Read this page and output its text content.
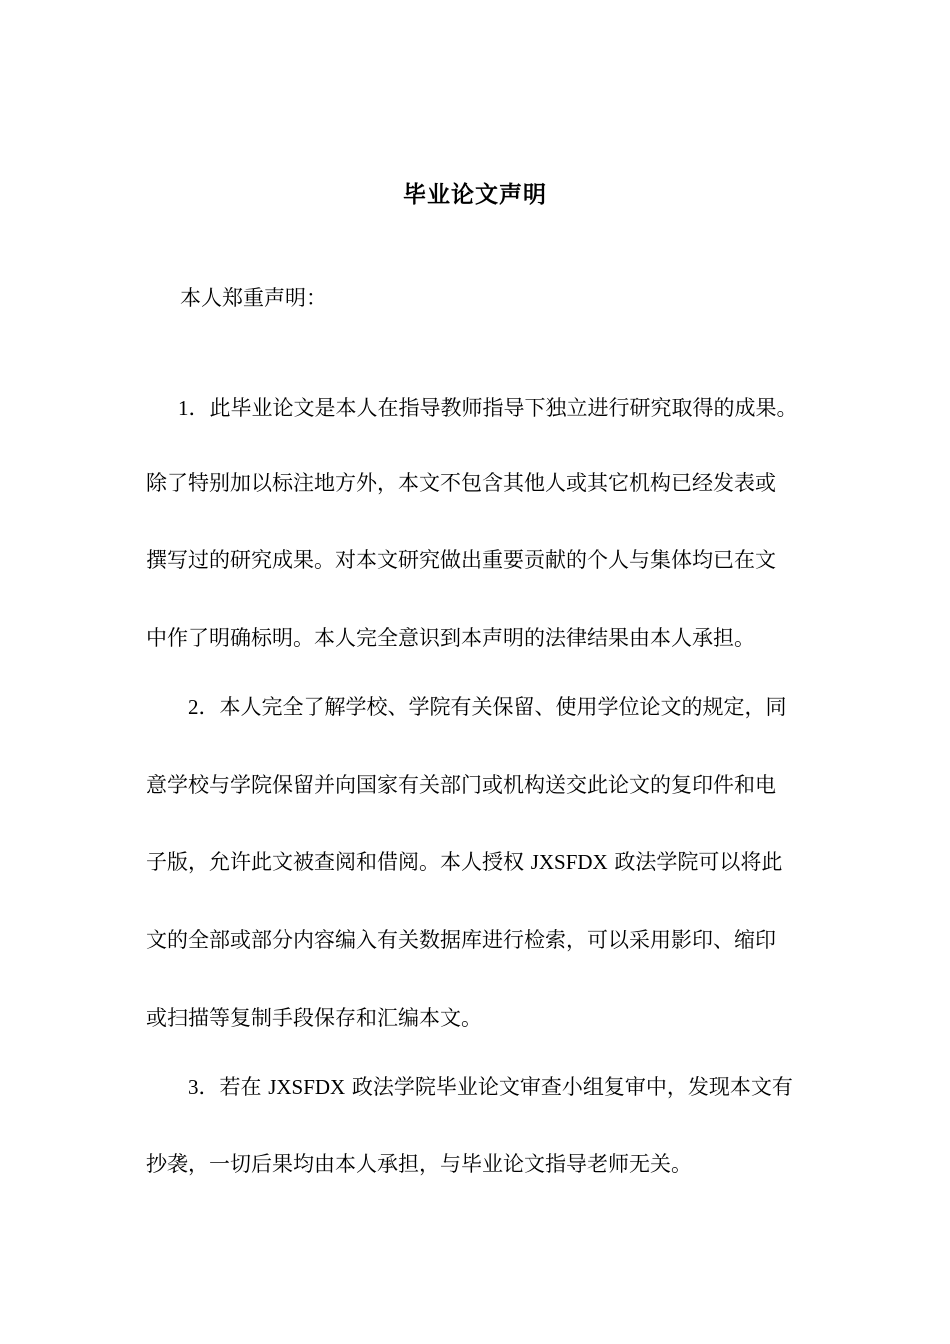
毕业论文声明
本人郑重声明：
1．此毕业论文是本人在指导教师指导下独立进行研究取得的成果。
除了特别加以标注地方外，本文不包含其他人或其它机构已经发表或
撰写过的研究成果。对本文研究做出重要贡献的个人与集体均已在文
中作了明确标明。本人完全意识到本声明的法律结果由本人承担。
2．本人完全了解学校、学院有关保留、使用学位论文的规定，同
意学校与学院保留并向国家有关部门或机构送交此论文的复印件和电
子版，允许此文被查阅和借阅。本人授权 JXSFDX 政法学院可以将此
文的全部或部分内容编入有关数据库进行检索，可以采用影印、缩印
或扫描等复制手段保存和汇编本文。
3．若在 JXSFDX 政法学院毕业论文审查小组复审中，发现本文有
抄袭，一切后果均由本人承担，与毕业论文指导老师无关。
